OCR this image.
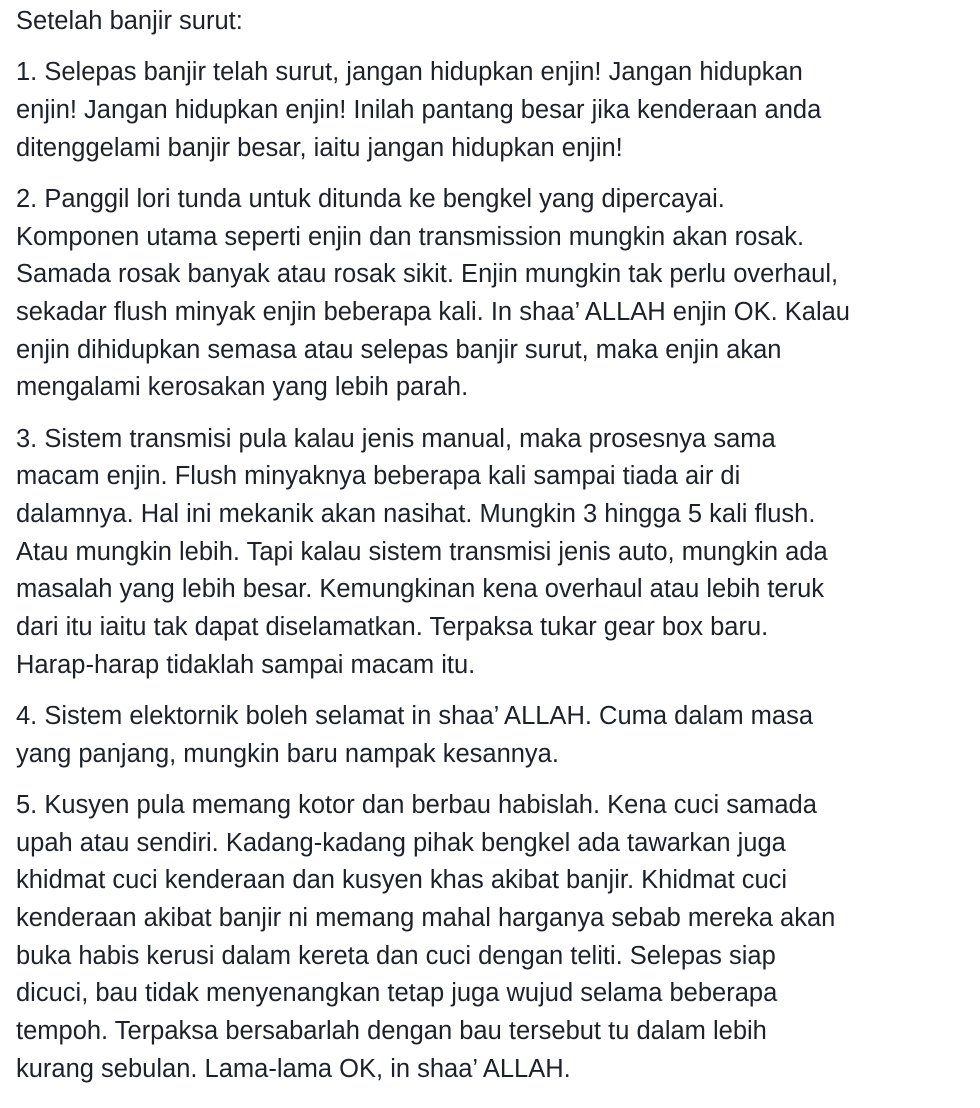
Setelah banjir surut:
1. Selepas banjir telah surut, jangan hidupkan enjin! Jangan hidupkan
enjin! Jangan hidupkan enjin! Inilah pantang besar jika kenderaan anda
ditenggelami banjir besar, iaitu jangan hidupkan enjin!
2. Panggil lori tunda untuk ditunda ke bengkel yang dipercayai.
Komponen utama seperti enjin dan transmission mungkin akan rosak.
Samada rosak banyak atau rosak sikit. Enjin mungkin tak perlu overhaul,
sekadar flush minyak enjin beberapa kali. In shaa’ ALLAH enjin OK. Kalau
enjin dihidupkan semasa atau selepas banjir surut, maka enjin akan
mengalami kerosakan yang lebih parah.
3. Sistem transmisi pula kalau jenis manual, maka prosesnya sama
macam enjin. Flush minyaknya beberapa kali sampai tiada air di
dalamnya. Hal ini mekanik akan nasihat. Mungkin 3 hingga 5 kali flush.
Atau mungkin lebih. Tapi kalau sistem transmisi jenis auto, mungkin ada
masalah yang lebih besar. Kemungkinan kena overhaul atau lebih teruk
dari itu iaitu tak dapat diselamatkan. Terpaksa tukar gear box baru.
Harap-harap tidaklah sampai macam itu.
4. Sistem elektornik boleh selamat in shaa’ ALLAH. Cuma dalam masa
yang panjang, mungkin baru nampak kesannya.
5. Kusyen pula memang kotor dan berbau habislah. Kena cuci samada
upah atau sendiri. Kadang-kadang pihak bengkel ada tawarkan juga
khidmat cuci kenderaan dan kusyen khas akibat banjir. Khidmat cuci
kenderaan akibat banjir ni memang mahal harganya sebab mereka akan
buka habis kerusi dalam kereta dan cuci dengan teliti. Selepas siap
dicuci, bau tidak menyenangkan tetap juga wujud selama beberapa
tempoh. Terpaksa bersabarlah dengan bau tersebut tu dalam lebih
kurang sebulan. Lama-lama OK, in shaa’ ALLAH.
